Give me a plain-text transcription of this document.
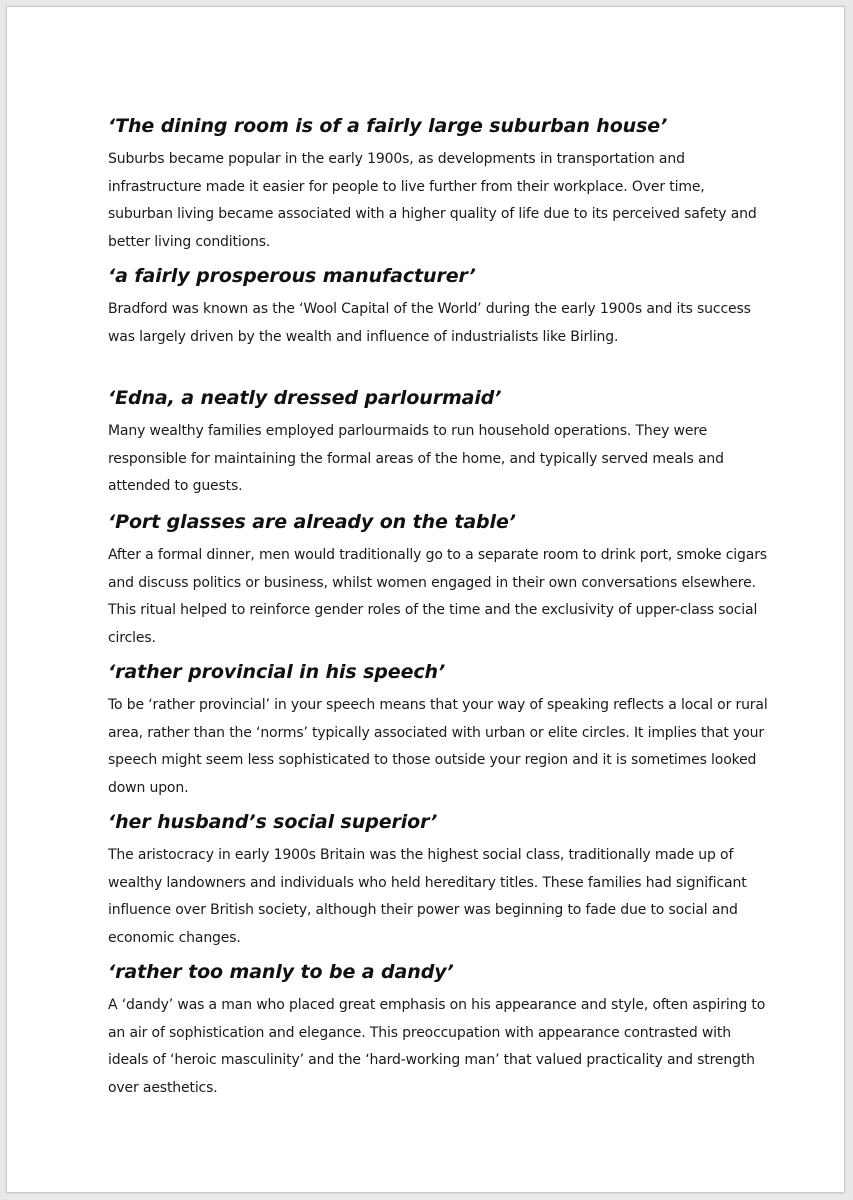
‘The dining room is of a fairly large suburban house’

Suburbs became popular in the early 1900s, as developments in transportation and infrastructure made it easier for people to live further from their workplace. Over time, suburban living became associated with a higher quality of life due to its perceived safety and better living conditions.

‘a fairly prosperous manufacturer’

Bradford was known as the ‘Wool Capital of the World’ during the early 1900s and its success was largely driven by the wealth and influence of industrialists like Birling.

‘Edna, a neatly dressed parlourmaid’

Many wealthy families employed parlourmaids to run household operations. They were responsible for maintaining the formal areas of the home, and typically served meals and attended to guests.

‘Port glasses are already on the table’

After a formal dinner, men would traditionally go to a separate room to drink port, smoke cigars and discuss politics or business, whilst women engaged in their own conversations elsewhere. This ritual helped to reinforce gender roles of the time and the exclusivity of upper-class social circles.

‘rather provincial in his speech’

To be ‘rather provincial’ in your speech means that your way of speaking reflects a local or rural area, rather than the ‘norms’ typically associated with urban or elite circles. It implies that your speech might seem less sophisticated to those outside your region and it is sometimes looked down upon.

‘her husband’s social superior’

The aristocracy in early 1900s Britain was the highest social class, traditionally made up of wealthy landowners and individuals who held hereditary titles. These families had significant influence over British society, although their power was beginning to fade due to social and economic changes.

‘rather too manly to be a dandy’

A ‘dandy’ was a man who placed great emphasis on his appearance and style, often aspiring to an air of sophistication and elegance. This preoccupation with appearance contrasted with ideals of ‘heroic masculinity’ and the ‘hard-working man’ that valued practicality and strength over aesthetics.
